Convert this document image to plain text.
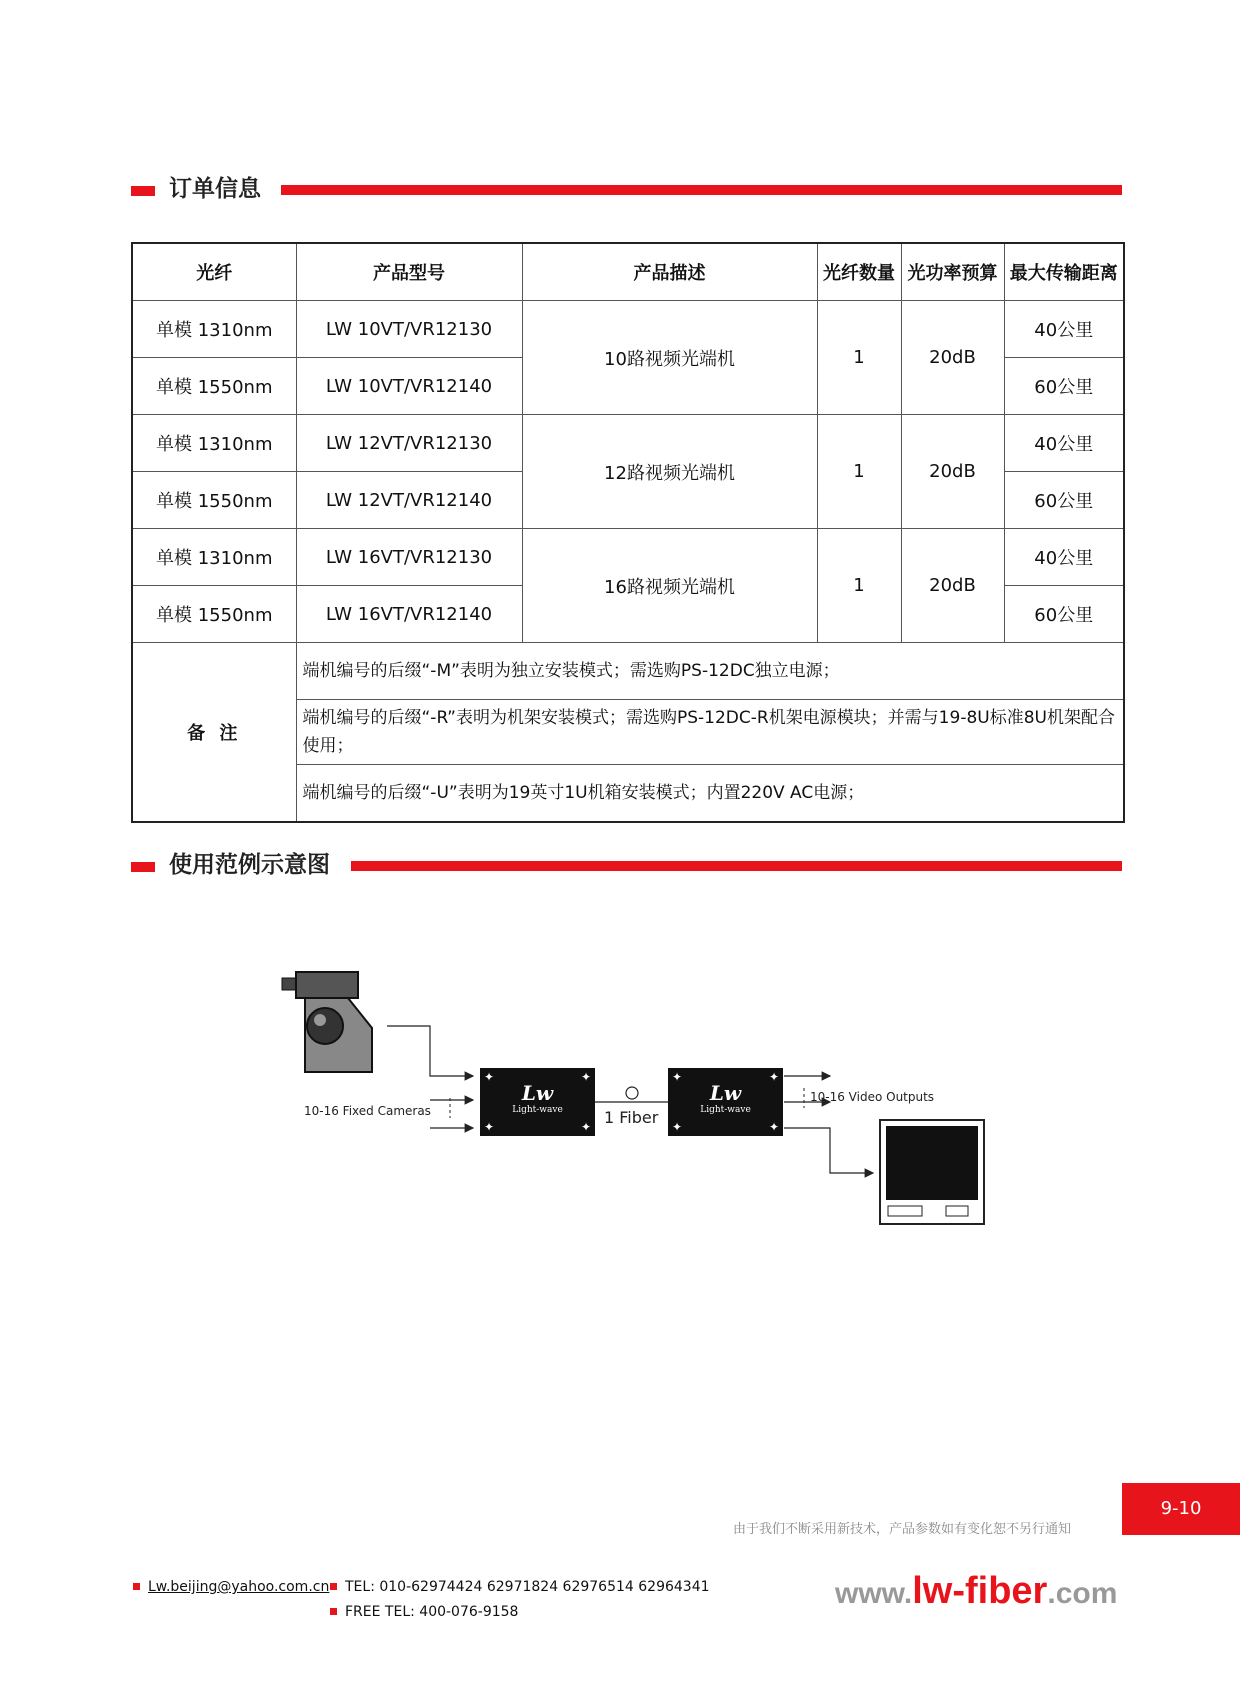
订单信息
光纤	产品型号	产品描述	光纤数量	光功率预算	最大传输距离
单模 1310nm	LW 10VT/VR12130	10路视频光端机	1	20dB	40公里
单模 1550nm	LW 10VT/VR12140				60公里
单模 1310nm	LW 12VT/VR12130	12路视频光端机	1	20dB	40公里
单模 1550nm	LW 12VT/VR12140				60公里
单模 1310nm	LW 16VT/VR12130	16路视频光端机	1	20dB	40公里
单模 1550nm	LW 16VT/VR12140				60公里
备 注	端机编号的后缀“-M”表明为独立安装模式；需选购PS-12DC独立电源；				
	端机编号的后缀“-R”表明为机架安装模式；需选购PS-12DC-R机架电源模块；并需与19-8U标准8U机架配合使用；				
	端机编号的后缀“-U”表明为19英寸1U机箱安装模式；内置220V AC电源；				
使用范例示意图
✦	✦
✦	✦
Lw
Light-wave
✦	✦
✦	✦
Lw
Light-wave
10-16 Fixed Cameras	1 Fiber
10-16 Video Outputs
9-10
由于我们不断采用新技术，产品参数如有变化恕不另行通知
Lw.beijing@yahoo.com.cn	TEL: 010-62974424 62971824 62976514 62964341
FREE TEL: 400-076-9158
www.lw-fiber.com
